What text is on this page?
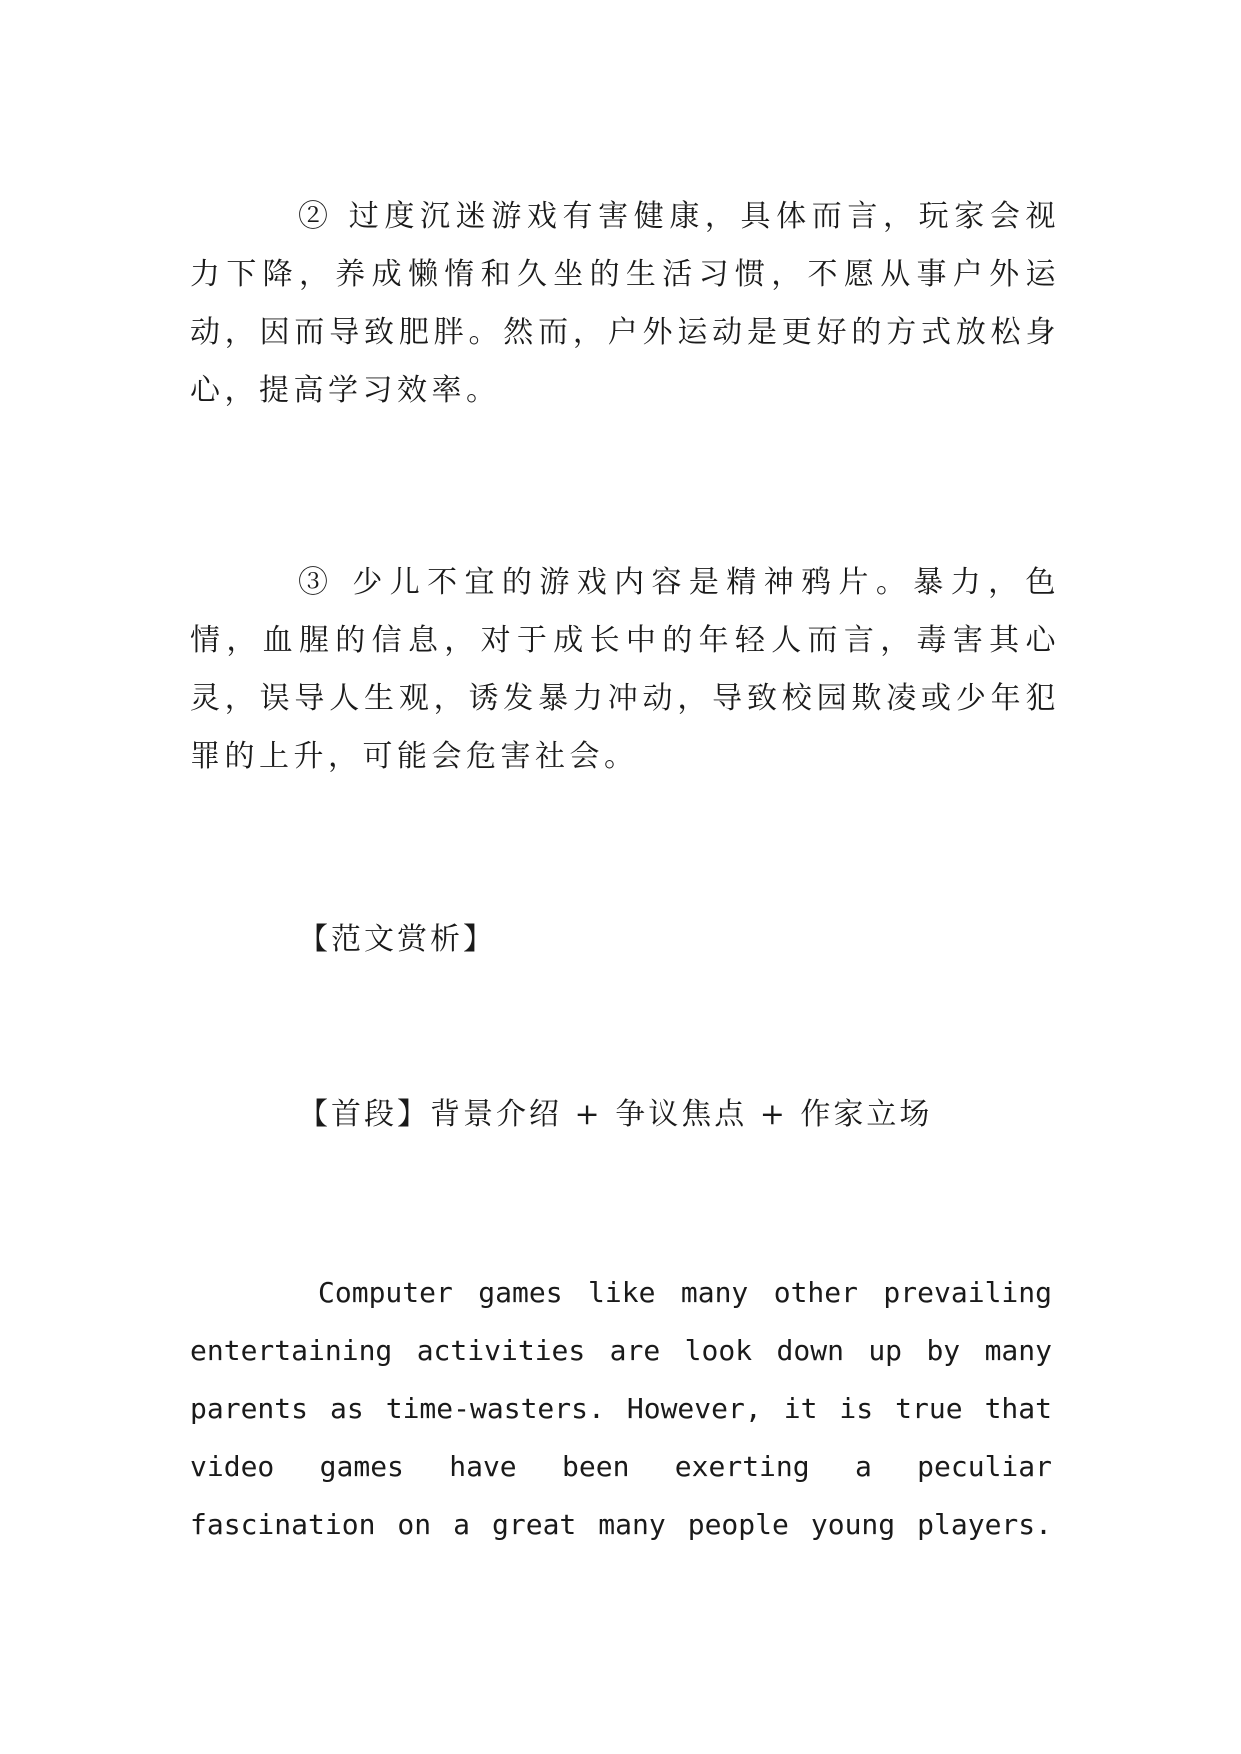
② 过度沉迷游戏有害健康，具体而言，玩家会视力下降，养成懒惰和久坐的生活习惯，不愿从事户外运动，因而导致肥胖。然而，户外运动是更好的方式放松身心，提高学习效率。

③ 少儿不宜的游戏内容是精神鸦片。暴力，色情，血腥的信息，对于成长中的年轻人而言，毒害其心灵，误导人生观，诱发暴力冲动，导致校园欺凌或少年犯罪的上升，可能会危害社会。

【范文赏析】

【首段】背景介绍 + 争议焦点 + 作家立场

Computer games like many other prevailing entertaining activities are look down up by many parents as time-wasters. However, it is true that video games have been exerting a peculiar fascination on a great many people young players.
